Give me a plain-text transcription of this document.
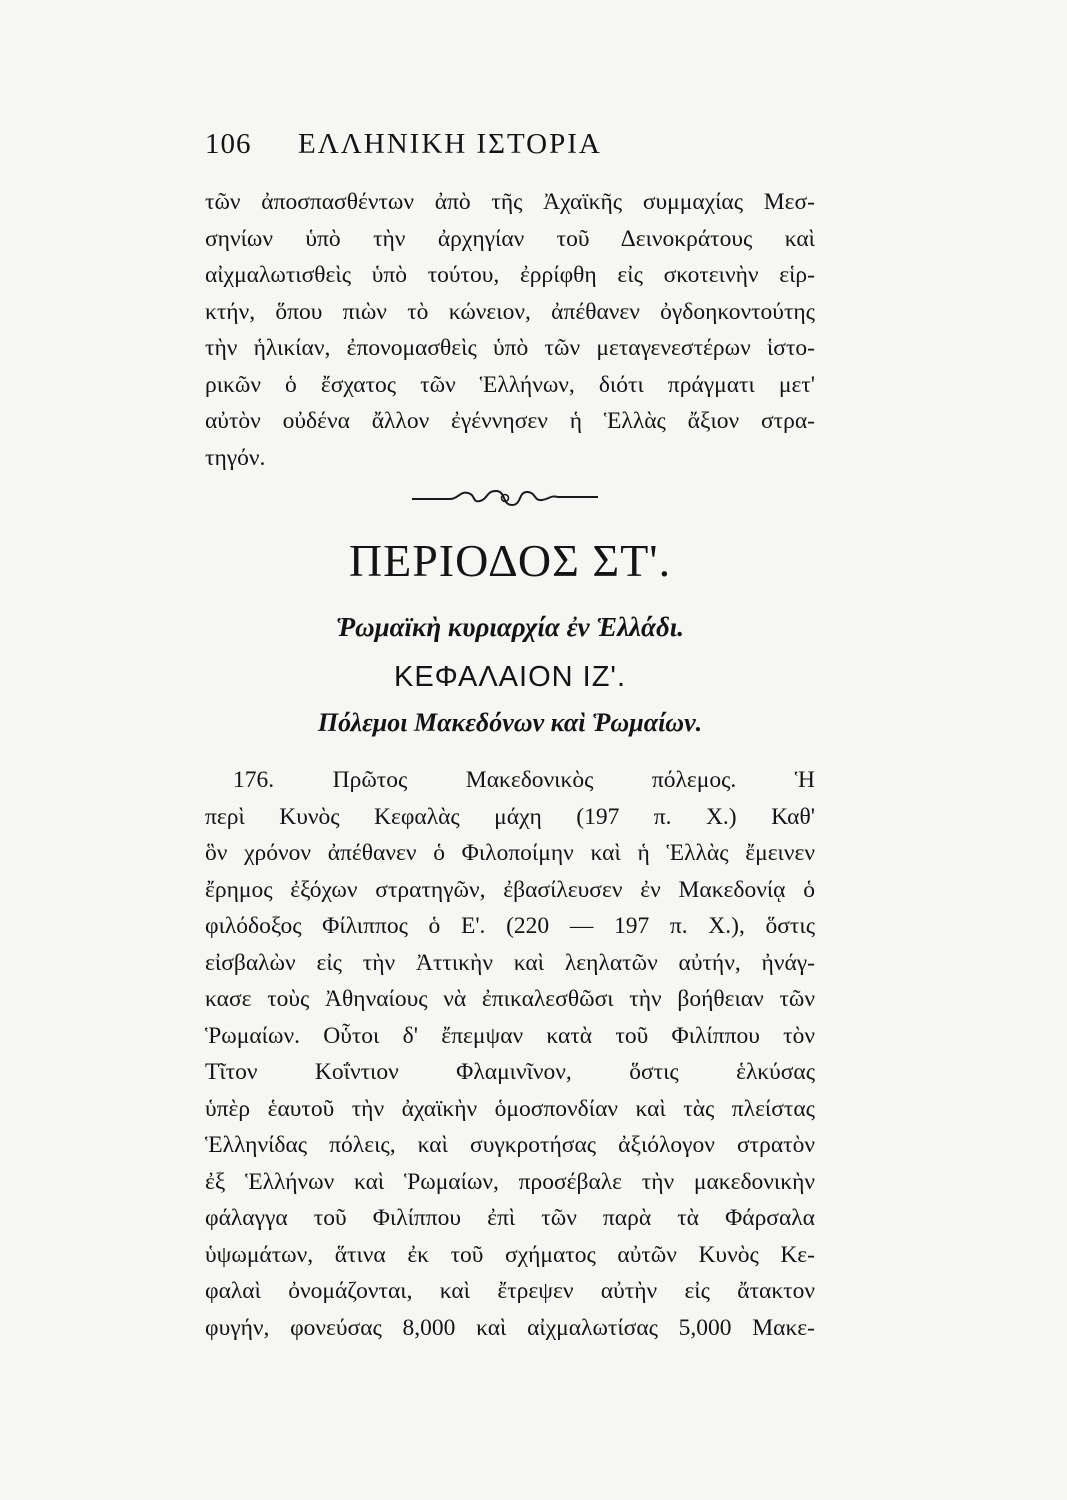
106 ΕΛΛΗΝΙΚΗ ΙΣΤΟΡΙΑ
τῶν ἀποσπασθέντων ἀπὸ τῆς Ἀχαϊκῆς συμμαχίας Μεσ-
σηνίων ὑπὸ τὴν ἀρχηγίαν τοῦ Δεινοκράτους καὶ
αἰχμαλωτισθεὶς ὑπὸ τούτου, ἐρρίφθη εἰς σκοτεινὴν εἱρ-
κτήν, ὅπου πιὼν τὸ κώνειον, ἀπέθανεν ὀγδοηκοντούτης
τὴν ἡλικίαν, ἐπονομασθεὶς ὑπὸ τῶν μεταγενεστέρων ἱστο-
ρικῶν ὁ ἔσχατος τῶν Ἑλλήνων, διότι πράγματι μετ'
αὐτὸν οὐδένα ἄλλον ἐγέννησεν ἡ Ἑλλὰς ἄξιον στρα-
τηγόν.
ΠΕΡΙΟΔΟΣ ΣΤ'.
Ῥωμαϊκὴ κυριαρχία ἐν Ἑλλάδι.
ΚΕΦΑΛΑΙΟΝ ΙΖ'.
Πόλεμοι Μακεδόνων καὶ Ῥωμαίων.
176. Πρῶτος Μακεδονικὸς πόλεμος. Ἡ
περὶ Κυνὸς Κεφαλὰς μάχη (197 π. Χ.) Καθ'
ὃν χρόνον ἀπέθανεν ὁ Φιλοποίμην καὶ ἡ Ἑλλὰς ἔμεινεν
ἔρημος ἐξόχων στρατηγῶν, ἐβασίλευσεν ἐν Μακεδονίᾳ ὁ
φιλόδοξος Φίλιππος ὁ Ε'. (220 — 197 π. Χ.), ὅστις
εἰσβαλὼν εἰς τὴν Ἀττικὴν καὶ λεηλατῶν αὐτήν, ἠνάγ-
κασε τοὺς Ἀθηναίους νὰ ἐπικαλεσθῶσι τὴν βοήθειαν τῶν
Ῥωμαίων. Οὗτοι δ' ἔπεμψαν κατὰ τοῦ Φιλίππου τὸν
Τῖτον Κοΐντιον Φλαμινῖνον, ὅστις ἑλκύσας
ὑπὲρ ἑαυτοῦ τὴν ἀχαϊκὴν ὁμοσπονδίαν καὶ τὰς πλείστας
Ἑλληνίδας πόλεις, καὶ συγκροτήσας ἀξιόλογον στρατὸν
ἐξ Ἑλλήνων καὶ Ῥωμαίων, προσέβαλε τὴν μακεδονικὴν
φάλαγγα τοῦ Φιλίππου ἐπὶ τῶν παρὰ τὰ Φάρσαλα
ὑψωμάτων, ἅτινα ἐκ τοῦ σχήματος αὐτῶν Κυνὸς Κε-
φαλαὶ ὀνομάζονται, καὶ ἔτρεψεν αὐτὴν εἰς ἄτακτον
φυγήν, φονεύσας 8,000 καὶ αἰχμαλωτίσας 5,000 Μακε-
